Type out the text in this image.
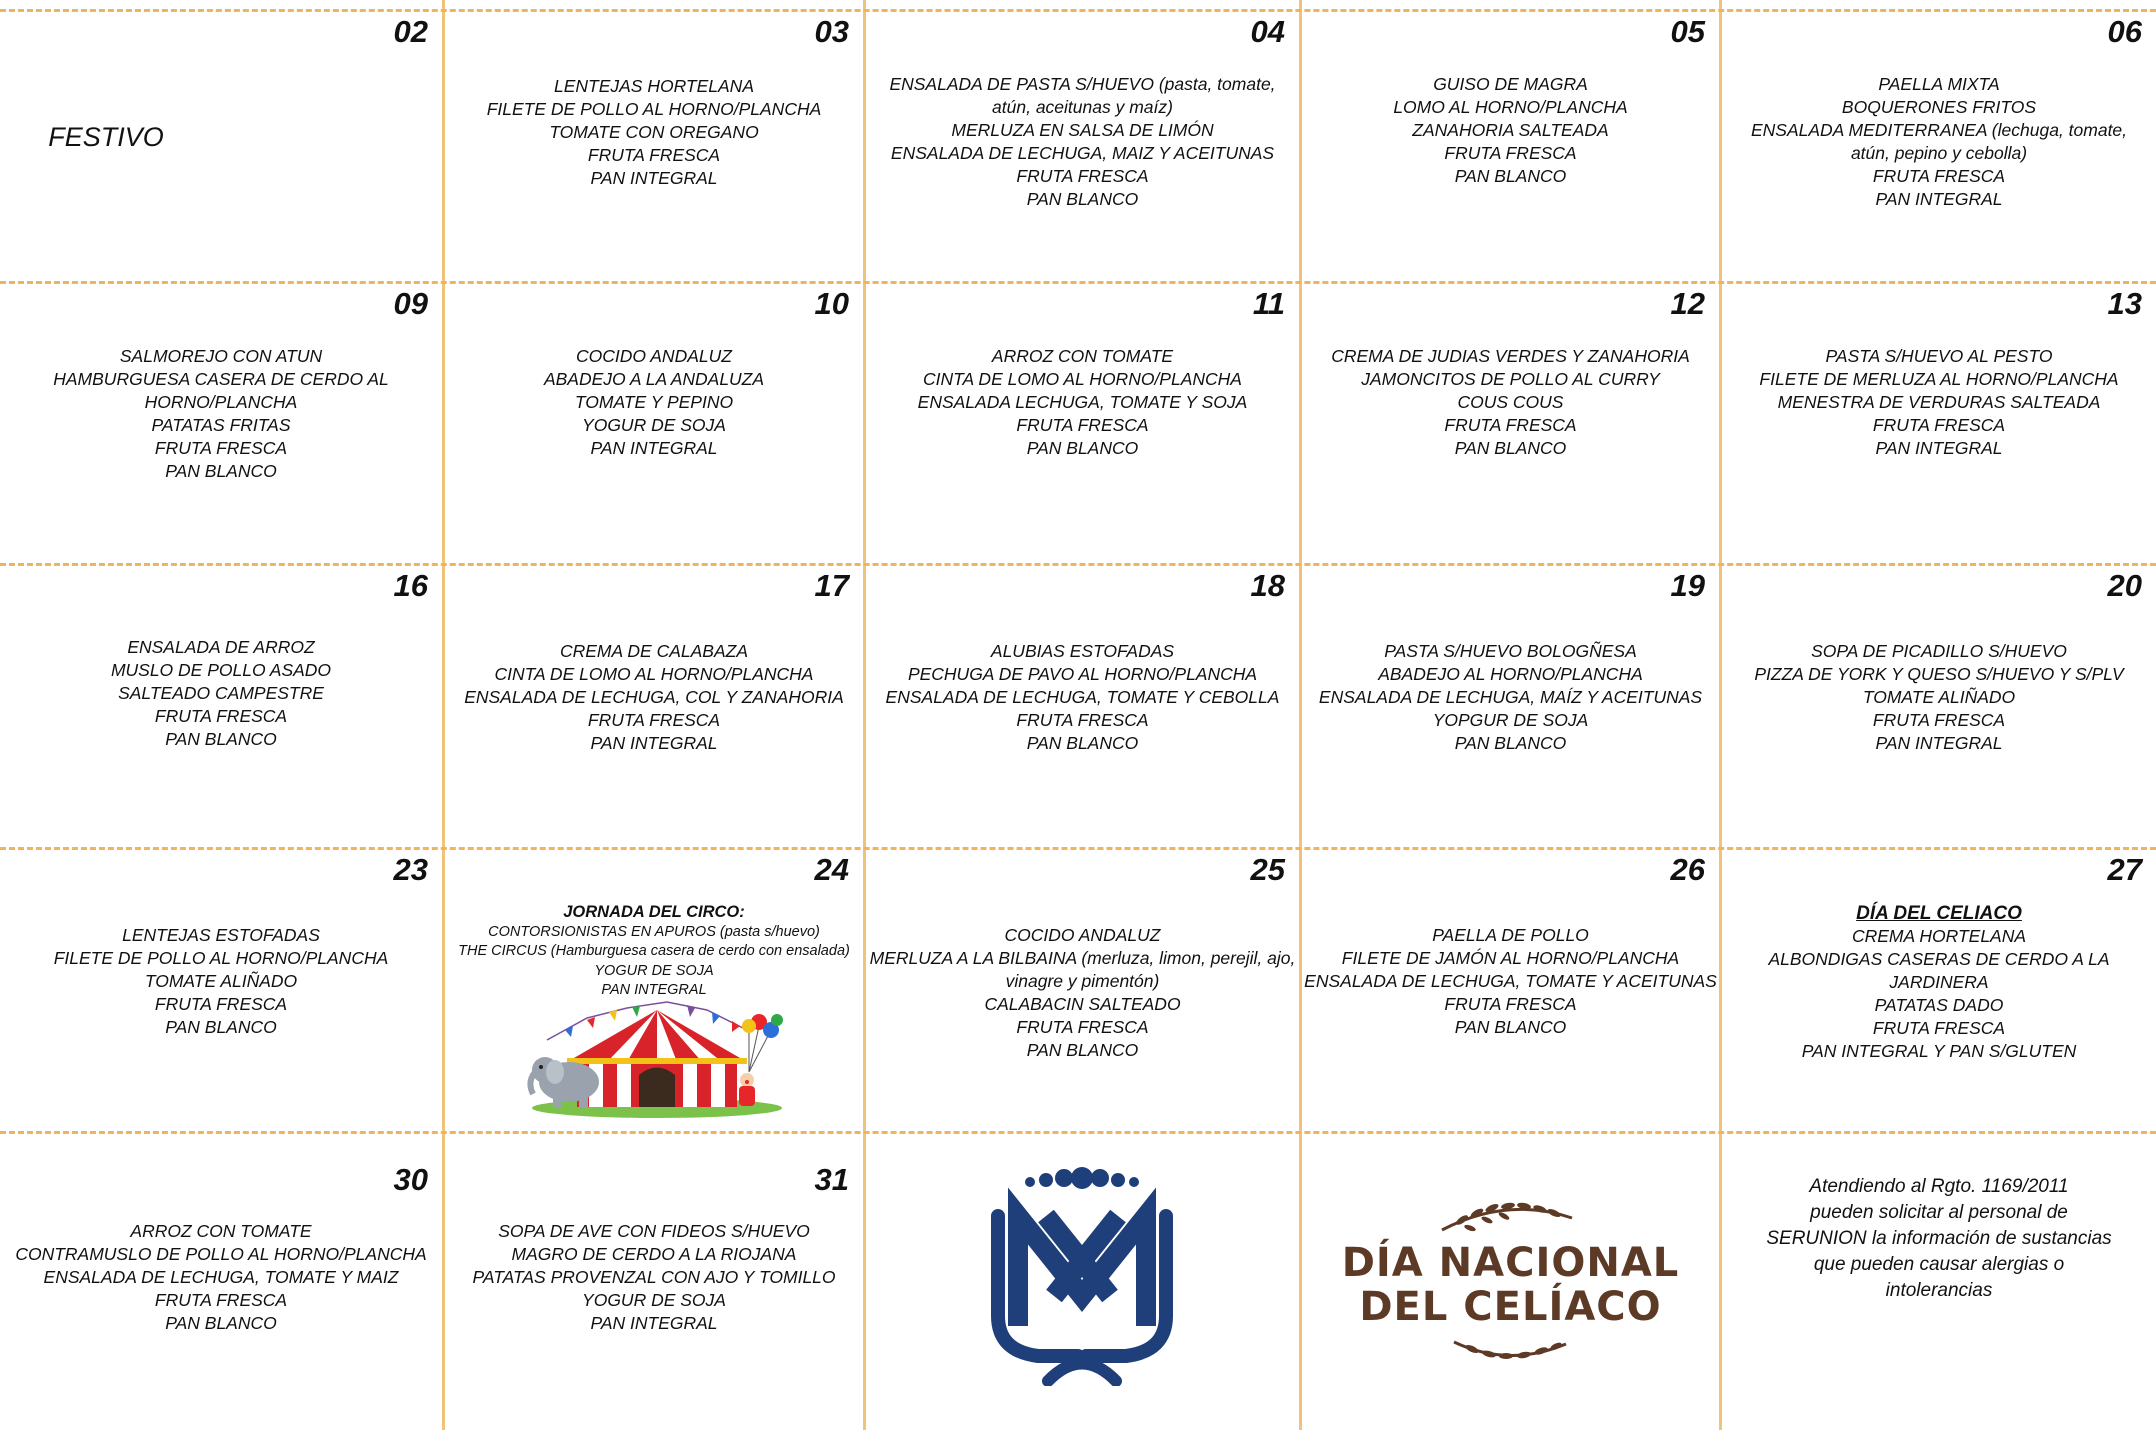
02
FESTIVO
03
LENTEJAS HORTELANA
FILETE DE POLLO AL HORNO/PLANCHA
TOMATE CON OREGANO
FRUTA FRESCA
PAN INTEGRAL
04
ENSALADA DE PASTA S/HUEVO (pasta, tomate,
atún, aceitunas y maíz)
MERLUZA EN SALSA DE LIMÓN
ENSALADA DE LECHUGA, MAIZ Y ACEITUNAS
FRUTA FRESCA
PAN BLANCO
05
GUISO DE MAGRA
LOMO AL HORNO/PLANCHA
ZANAHORIA SALTEADA
FRUTA FRESCA
PAN BLANCO
06
PAELLA MIXTA
BOQUERONES FRITOS
ENSALADA MEDITERRANEA (lechuga, tomate,
atún, pepino y cebolla)
FRUTA FRESCA
PAN INTEGRAL
09
SALMOREJO CON ATUN
HAMBURGUESA CASERA DE CERDO AL
HORNO/PLANCHA
PATATAS FRITAS
FRUTA FRESCA
PAN BLANCO
10
COCIDO ANDALUZ
ABADEJO A LA ANDALUZA
TOMATE Y PEPINO
YOGUR DE SOJA
PAN INTEGRAL
11
ARROZ CON TOMATE
CINTA DE LOMO AL HORNO/PLANCHA
ENSALADA LECHUGA, TOMATE Y SOJA
FRUTA FRESCA
PAN BLANCO
12
CREMA DE JUDIAS VERDES Y ZANAHORIA
JAMONCITOS DE POLLO AL CURRY
COUS COUS
FRUTA FRESCA
PAN BLANCO
13
PASTA S/HUEVO AL PESTO
FILETE DE MERLUZA AL HORNO/PLANCHA
MENESTRA DE VERDURAS SALTEADA
FRUTA FRESCA
PAN INTEGRAL
16
ENSALADA DE ARROZ
MUSLO DE POLLO ASADO
SALTEADO CAMPESTRE
FRUTA FRESCA
PAN BLANCO
17
CREMA DE CALABAZA
CINTA DE LOMO AL HORNO/PLANCHA
ENSALADA DE LECHUGA, COL Y ZANAHORIA
FRUTA FRESCA
PAN INTEGRAL
18
ALUBIAS ESTOFADAS
PECHUGA DE PAVO AL HORNO/PLANCHA
ENSALADA DE LECHUGA, TOMATE Y CEBOLLA
FRUTA FRESCA
PAN BLANCO
19
PASTA S/HUEVO BOLOGÑESA
ABADEJO AL HORNO/PLANCHA
ENSALADA DE LECHUGA, MAÍZ Y ACEITUNAS
YOPGUR DE SOJA
PAN BLANCO
20
SOPA DE PICADILLO S/HUEVO
PIZZA DE YORK Y QUESO S/HUEVO Y S/PLV
TOMATE ALIÑADO
FRUTA FRESCA
PAN INTEGRAL
23
LENTEJAS ESTOFADAS
FILETE DE POLLO AL HORNO/PLANCHA
TOMATE ALIÑADO
FRUTA FRESCA
PAN BLANCO
24
JORNADA DEL CIRCO:
CONTORSIONISTAS EN APUROS (pasta s/huevo)
THE CIRCUS (Hamburguesa casera de cerdo con ensalada)
YOGUR DE SOJA
PAN INTEGRAL
25
COCIDO ANDALUZ
MERLUZA A LA BILBAINA (merluza, limon, perejil, ajo,
vinagre y pimentón)
CALABACIN SALTEADO
FRUTA FRESCA
PAN BLANCO
26
PAELLA DE POLLO
FILETE DE JAMÓN AL HORNO/PLANCHA
ENSALADA DE LECHUGA, TOMATE Y ACEITUNAS
FRUTA FRESCA
PAN BLANCO
27
DÍA DEL CELIACO
CREMA HORTELANA
ALBONDIGAS CASERAS DE CERDO A LA
JARDINERA
PATATAS DADO
FRUTA FRESCA
PAN INTEGRAL Y PAN S/GLUTEN
30
ARROZ CON TOMATE
CONTRAMUSLO DE POLLO AL HORNO/PLANCHA
ENSALADA DE LECHUGA, TOMATE Y MAIZ
FRUTA FRESCA
PAN BLANCO
31
SOPA DE AVE CON FIDEOS S/HUEVO
MAGRO DE CERDO A LA RIOJANA
PATATAS PROVENZAL CON AJO Y TOMILLO
YOGUR DE SOJA
PAN INTEGRAL
DÍA NACIONAL
DEL CELÍACO
Atendiendo al Rgto. 1169/2011
pueden solicitar al personal de
SERUNION la información de sustancias
que pueden causar alergias o
intolerancias
